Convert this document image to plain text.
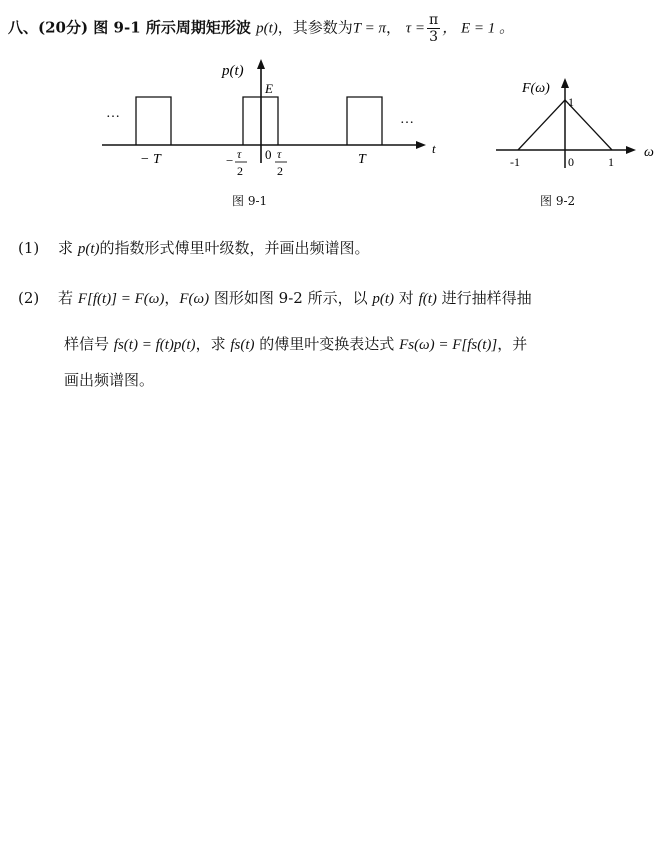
八、(20分) 图 9-1 所示周期矩形波 p(t)，其参数为T = π， $\tau = \frac{\pi}{3}$ ， E = 1 。
p(t)
E
…	…
− T	T
0
− τ
2
τ
2
t
图 9-1
F(ω)
1
-1	0	1
ω
图 9-2
(1) 求 p(t)的指数形式傅里叶级数，并画出频谱图。
(2) 若 F[f(t)] = F(ω)，F(ω) 图形如图 9-2 所示，以 p(t) 对 f(t) 进行抽样得抽
样信号 fs(t) = f(t)p(t)，求 fs(t) 的傅里叶变换表达式 Fs(ω) = F[fs(t)]，并
画出频谱图。
